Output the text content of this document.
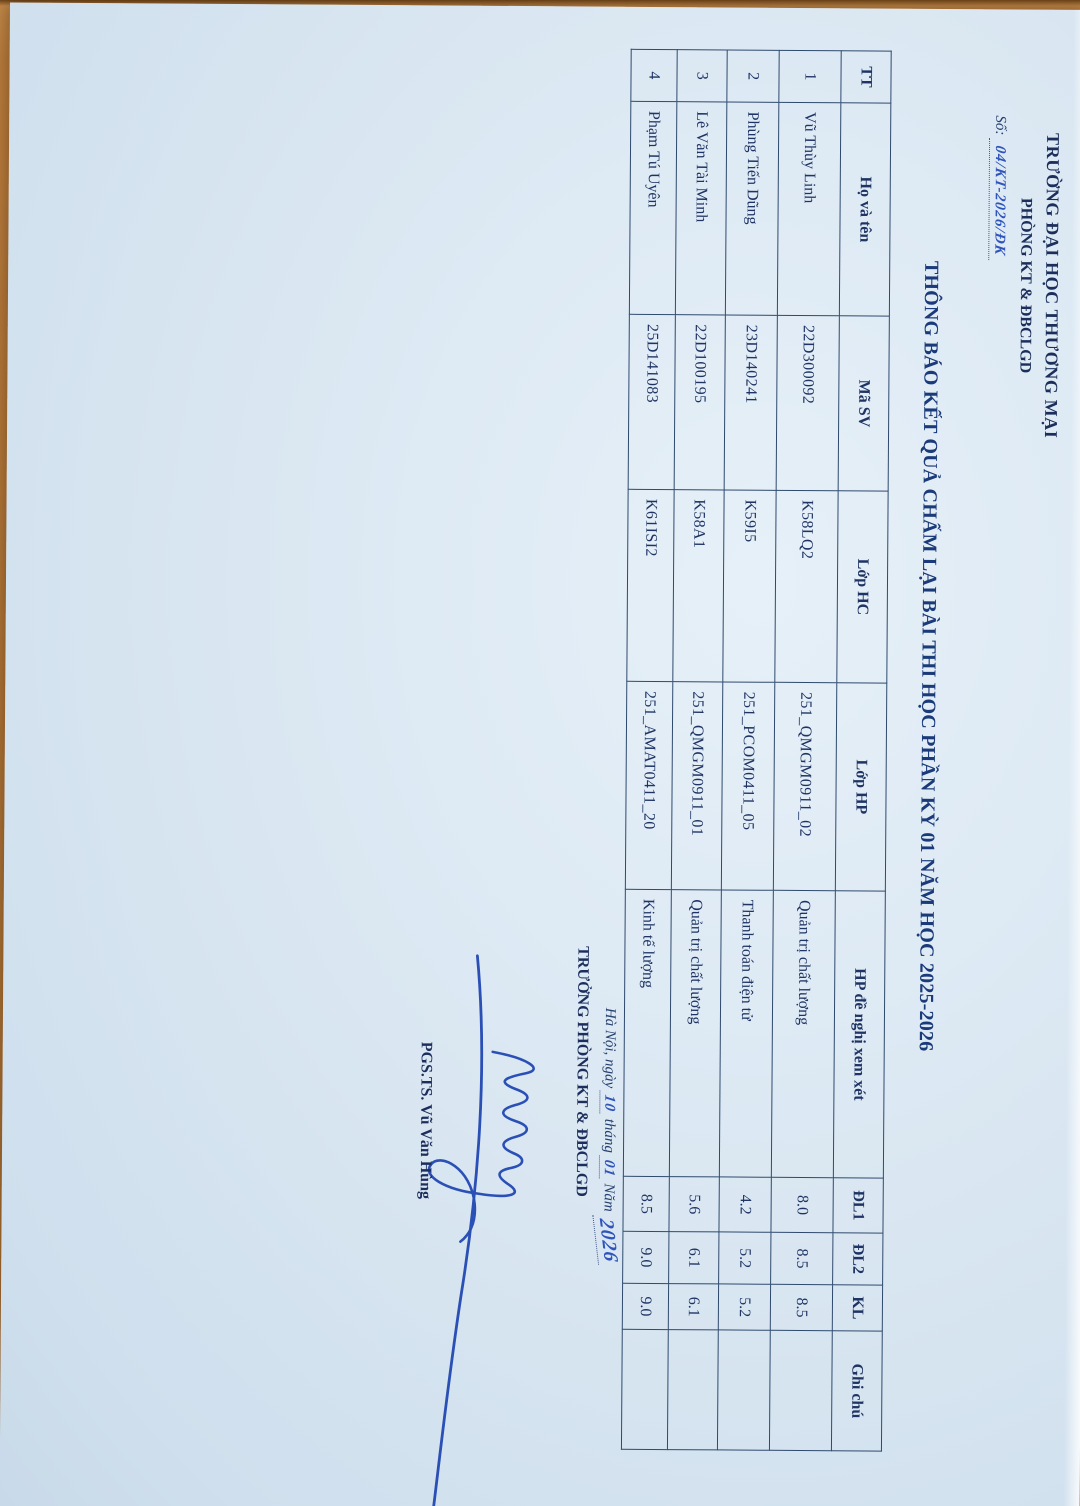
TRƯỜNG ĐẠI HỌC THƯƠNG MẠI
PHÒNG KT & ĐBCLGD
Số: 04/KT-2026/ĐK
THÔNG BÁO KẾT QUẢ CHẤM LẠI BÀI THI HỌC PHẦN KỲ 01 NĂM HỌC 2025-2026
TT	Họ và tên	Mã SV	Lớp HC	Lớp HP	HP đề nghị xem xét	ĐL1	ĐL2	KL	Ghi chú
1	Vũ Thùy Linh	22D300092	K58LQ2	251_QMGM0911_02	Quản trị chất lượng	8.0	8.5	8.5	
2	Phùng Tiến Dũng	23D140241	K59I5	251_PCOM0411_05	Thanh toán điện tử	4.2	5.2	5.2	
3	Lê Văn Tài Minh	22D100195	K58A1	251_QMGM0911_01	Quản trị chất lượng	5.6	6.1	6.1	
4	Phạm Tú Uyên	25D141083	K61ISI2	251_AMAT0411_20	Kinh tế lượng	8.5	9.0	9.0	
Hà Nội, ngày 10 tháng 01 Năm 2026
TRƯỞNG PHÒNG KT & ĐBCLGD
PGS.TS. Vũ Văn Hùng
